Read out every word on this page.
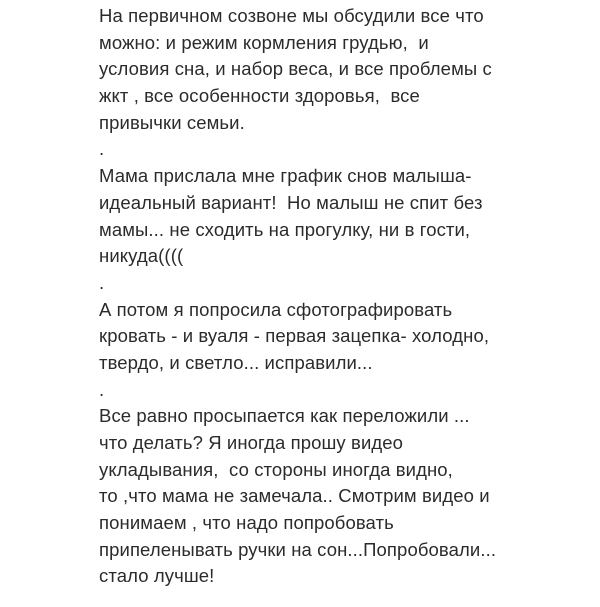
На первичном созвоне мы обсудили все что
можно: и режим кормления грудью,  и
условия сна, и набор веса, и все проблемы с
жкт , все особенности здоровья,  все
привычки семьи.
.
Мама прислала мне график снов малыша-
идеальный вариант!  Но малыш не спит без
мамы... не сходить на прогулку, ни в гости,
никуда((((
.
А потом я попросила сфотографировать
кровать - и вуаля - первая зацепка- холодно,
твердо, и светло... исправили...
.
Все равно просыпается как переложили ...
что делать? Я иногда прошу видео
укладывания,  со стороны иногда видно,
то ,что мама не замечала.. Смотрим видео и
понимаем , что надо попробовать
припеленывать ручки на сон...Попробовали...
стало лучше!
